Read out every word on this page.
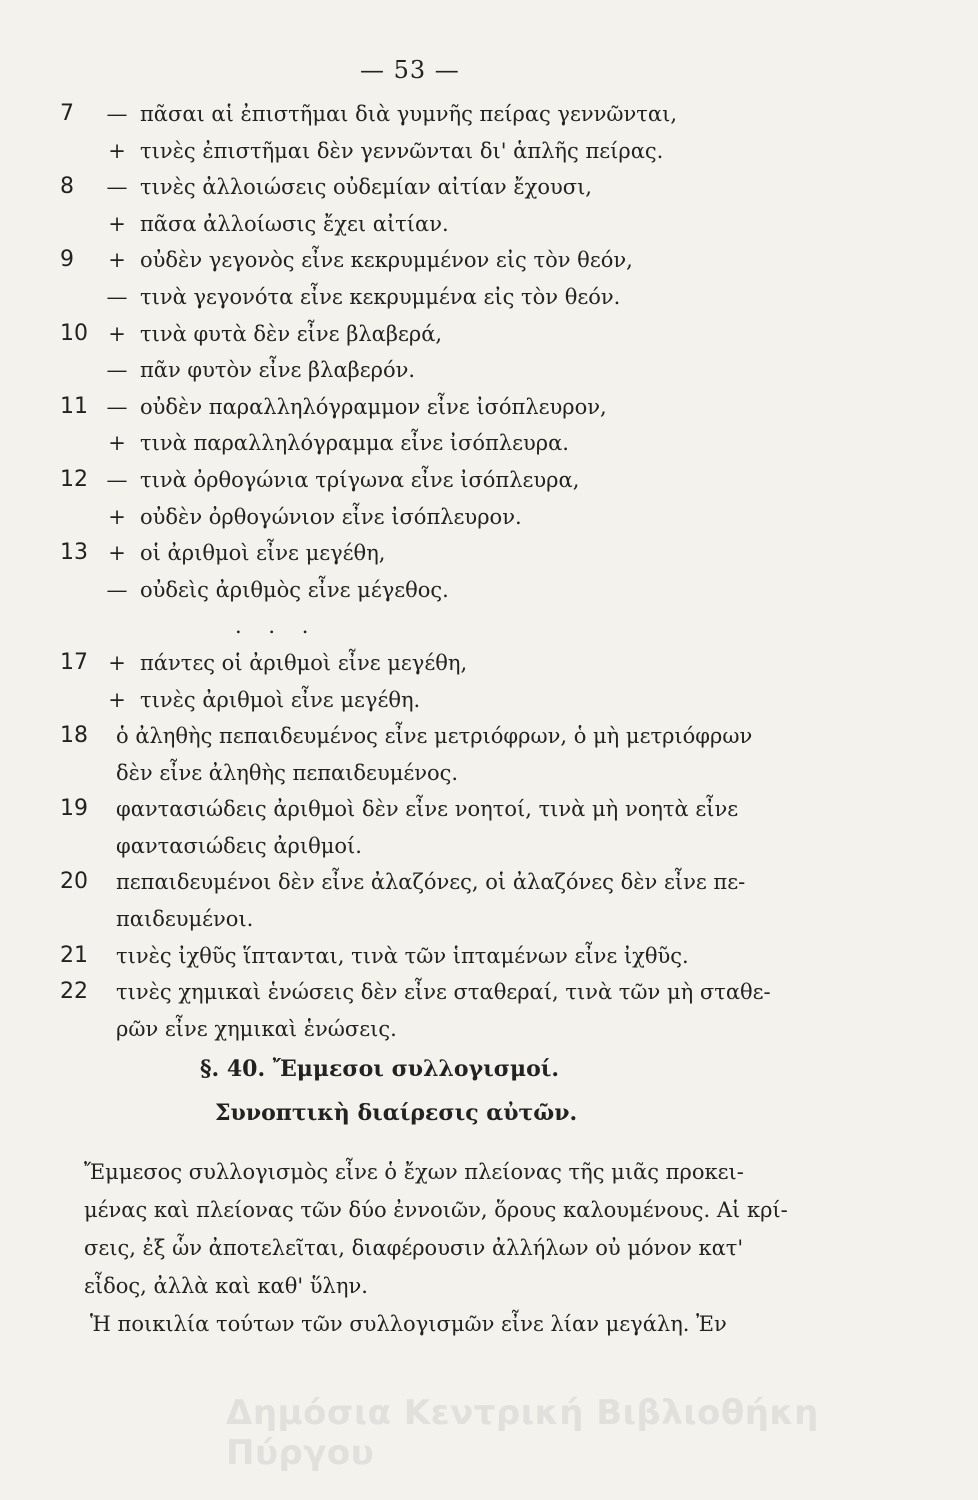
— 53 —
7	— πᾶσαι αἱ ἐπιστῆμαι διὰ γυμνῆς πείρας γεννῶνται,
+ τινὲς ἐπιστῆμαι δὲν γεννῶνται δι' ἁπλῆς πείρας.
8	— τινὲς ἀλλοιώσεις οὐδεμίαν αἰτίαν ἔχουσι,
+ πᾶσα ἀλλοίωσις ἔχει αἰτίαν.
9	+ οὐδὲν γεγονὸς εἶνε κεκρυμμένον εἰς τὸν θεόν,
— τινὰ γεγονότα εἶνε κεκρυμμένα εἰς τὸν θεόν.
10 + τινὰ φυτὰ δὲν εἶνε βλαβερά,
— πᾶν φυτὸν εἶνε βλαβερόν.
11 — οὐδὲν παραλληλόγραμμον εἶνε ἰσόπλευρον,
+ τινὰ παραλληλόγραμμα εἶνε ἰσόπλευρα.
12 — τινὰ ὀρθογώνια τρίγωνα εἶνε ἰσόπλευρα,
+ οὐδὲν ὀρθογώνιον εἶνε ἰσόπλευρον.
13 + οἱ ἀριθμοὶ εἶνε μεγέθη,
— οὐδεὶς ἀριθμὸς εἶνε μέγεθος.
. . .
17 + πάντες οἱ ἀριθμοὶ εἶνε μεγέθη,
+ τινὲς ἀριθμοὶ εἶνε μεγέθη.
18	ὁ ἀληθὴς πεπαιδευμένος εἶνε μετριόφρων, ὁ μὴ μετριόφρων
δὲν εἶνε ἀληθὴς πεπαιδευμένος.
19	φαντασιώδεις ἀριθμοὶ δὲν εἶνε νοητοί, τινὰ μὴ νοητὰ εἶνε
φαντασιώδεις ἀριθμοί.
20	πεπαιδευμένοι δὲν εἶνε ἀλαζόνες, οἱ ἀλαζόνες δὲν εἶνε πε-
παιδευμένοι.
21	τινὲς ἰχθῦς ἵπτανται, τινὰ τῶν ἱπταμένων εἶνε ἰχθῦς.
22	τινὲς χημικαὶ ἑνώσεις δὲν εἶνε σταθεραί, τινὰ τῶν μὴ σταθε-
ρῶν εἶνε χημικαὶ ἑνώσεις.
§. 40. Ἔμμεσοι συλλογισμοί.
Συνοπτικὴ διαίρεσις αὐτῶν.
Ἔμμεσος συλλογισμὸς εἶνε ὁ ἔχων πλείονας τῆς μιᾶς προκει-
μένας καὶ πλείονας τῶν δύο ἐννοιῶν, ὅρους καλουμένους. Αἱ κρί-
σεις, ἐξ ὧν ἀποτελεῖται, διαφέρουσιν ἀλλήλων οὐ μόνον κατ'
εἶδος, ἀλλὰ καὶ καθ' ὕλην.
Ἡ ποικιλία τούτων τῶν συλλογισμῶν εἶνε λίαν μεγάλη. Ἐν
Δημόσια Κεντρική Βιβλιοθήκη Πύργου
